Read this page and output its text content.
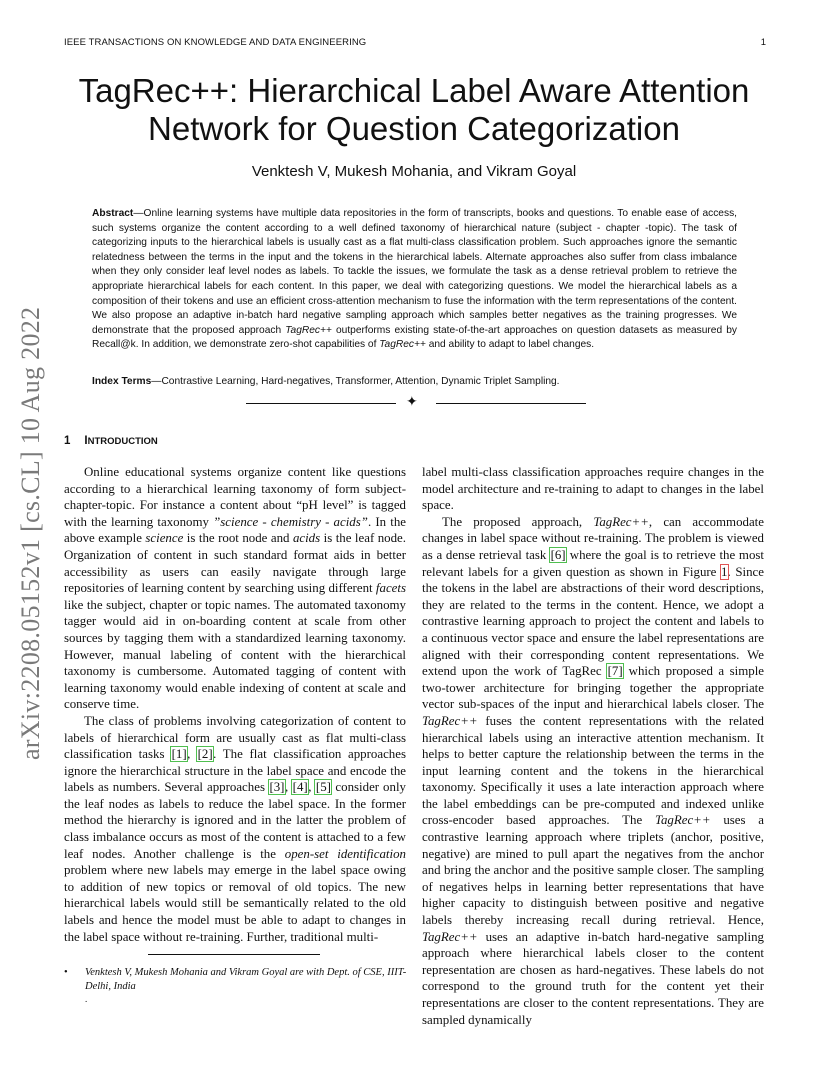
IEEE TRANSACTIONS ON KNOWLEDGE AND DATA ENGINEERING	1
TagRec++: Hierarchical Label Aware Attention
Network for Question Categorization
Venktesh V, Mukesh Mohania, and Vikram Goyal
Abstract—Online learning systems have multiple data repositories in the form of transcripts, books and questions. To enable ease of access, such systems organize the content according to a well defined taxonomy of hierarchical nature (subject - chapter -topic). The task of categorizing inputs to the hierarchical labels is usually cast as a flat multi-class classification problem. Such approaches ignore the semantic relatedness between the terms in the input and the tokens in the hierarchical labels. Alternate approaches also suffer from class imbalance when they only consider leaf level nodes as labels. To tackle the issues, we formulate the task as a dense retrieval problem to retrieve the appropriate hierarchical labels for each content. In this paper, we deal with categorizing questions. We model the hierarchical labels as a composition of their tokens and use an efficient cross-attention mechanism to fuse the information with the term representations of the content. We also propose an adaptive in-batch hard negative sampling approach which samples better negatives as the training progresses. We demonstrate that the proposed approach TagRec++ outperforms existing state-of-the-art approaches on question datasets as measured by Recall@k. In addition, we demonstrate zero-shot capabilities of TagRec++ and ability to adapt to label changes.
Index Terms—Contrastive Learning, Hard-negatives, Transformer, Attention, Dynamic Triplet Sampling.
✦
arXiv:2208.05152v1 [cs.CL] 10 Aug 2022 1 INTRODUCTION

Online educational systems organize content like questions according to a hierarchical learning taxonomy of form subject-chapter-topic. For instance a content about “pH level” is tagged with the learning taxonomy ”science - chemistry - acids”. In the above example science is the root node and acids is the leaf node. Organization of content in such standard format aids in better accessibility as users can easily navigate through large repositories of learning content by searching using different facets like the subject, chapter or topic names. The automated taxonomy tagger would aid in on-boarding content at scale from other sources by tagging them with a standardized learning taxonomy. However, manual labeling of content with the hierarchical taxonomy is cumbersome. Automated tagging of content with learning taxonomy would enable indexing of content at scale and conserve time.

The class of problems involving categorization of content to labels of hierarchical form are usually cast as flat multi-class classification tasks [1], [2]. The flat classification approaches ignore the hierarchical structure in the label space and encode the labels as numbers. Several approaches [3], [4], [5] consider only the leaf nodes as labels to reduce the label space. In the former method the hierarchy is ignored and in the latter the problem of class imbalance occurs as most of the content is attached to a few leaf nodes. Another challenge is the open-set identification problem where new labels may emerge in the label space owing to addition of new topics or removal of old topics. The new hierarchical labels would still be semantically related to the old labels and hence the model must be able to adapt to changes in the label space without re-training. Further, traditional multi-

label multi-class classification approaches require changes in the model architecture and re-training to adapt to changes in the label space.

The proposed approach, TagRec++, can accommodate changes in label space without re-training. The problem is viewed as a dense retrieval task [6] where the goal is to retrieve the most relevant labels for a given question as shown in Figure 1. Since the tokens in the label are abstractions of their word descriptions, they are related to the terms in the content. Hence, we adopt a contrastive learning approach to project the content and labels to a continuous vector space and ensure the label representations are aligned with their corresponding content representations. We extend upon the work of TagRec [7] which proposed a simple two-tower architecture for bringing together the appropriate vector sub-spaces of the input and hierarchical labels closer. The TagRec++ fuses the content representations with the related hierarchical labels using an interactive attention mechanism. It helps to better capture the relationship between the terms in the input learning content and the tokens in the hierarchical taxonomy. Specifically it uses a late interaction approach where the label embeddings can be pre-computed and indexed unlike cross-encoder based approaches. The TagRec++ uses a contrastive learning approach where triplets (anchor, positive, negative) are mined to pull apart the negatives from the anchor and bring the anchor and the positive sample closer. The sampling of negatives helps in learning better representations that have higher capacity to distinguish between positive and negative labels thereby increasing recall during retrieval. Hence, TagRec++ uses an adaptive in-batch hard-negative sampling approach where hierarchical labels closer to the content representation are chosen as hard-negatives. These labels do not correspond to the ground truth for the content yet their representations are closer to the content representations. They are sampled dynamically

• Venktesh V, Mukesh Mohania and Vikram Goyal are with Dept. of CSE, IIIT-Delhi, India
.
